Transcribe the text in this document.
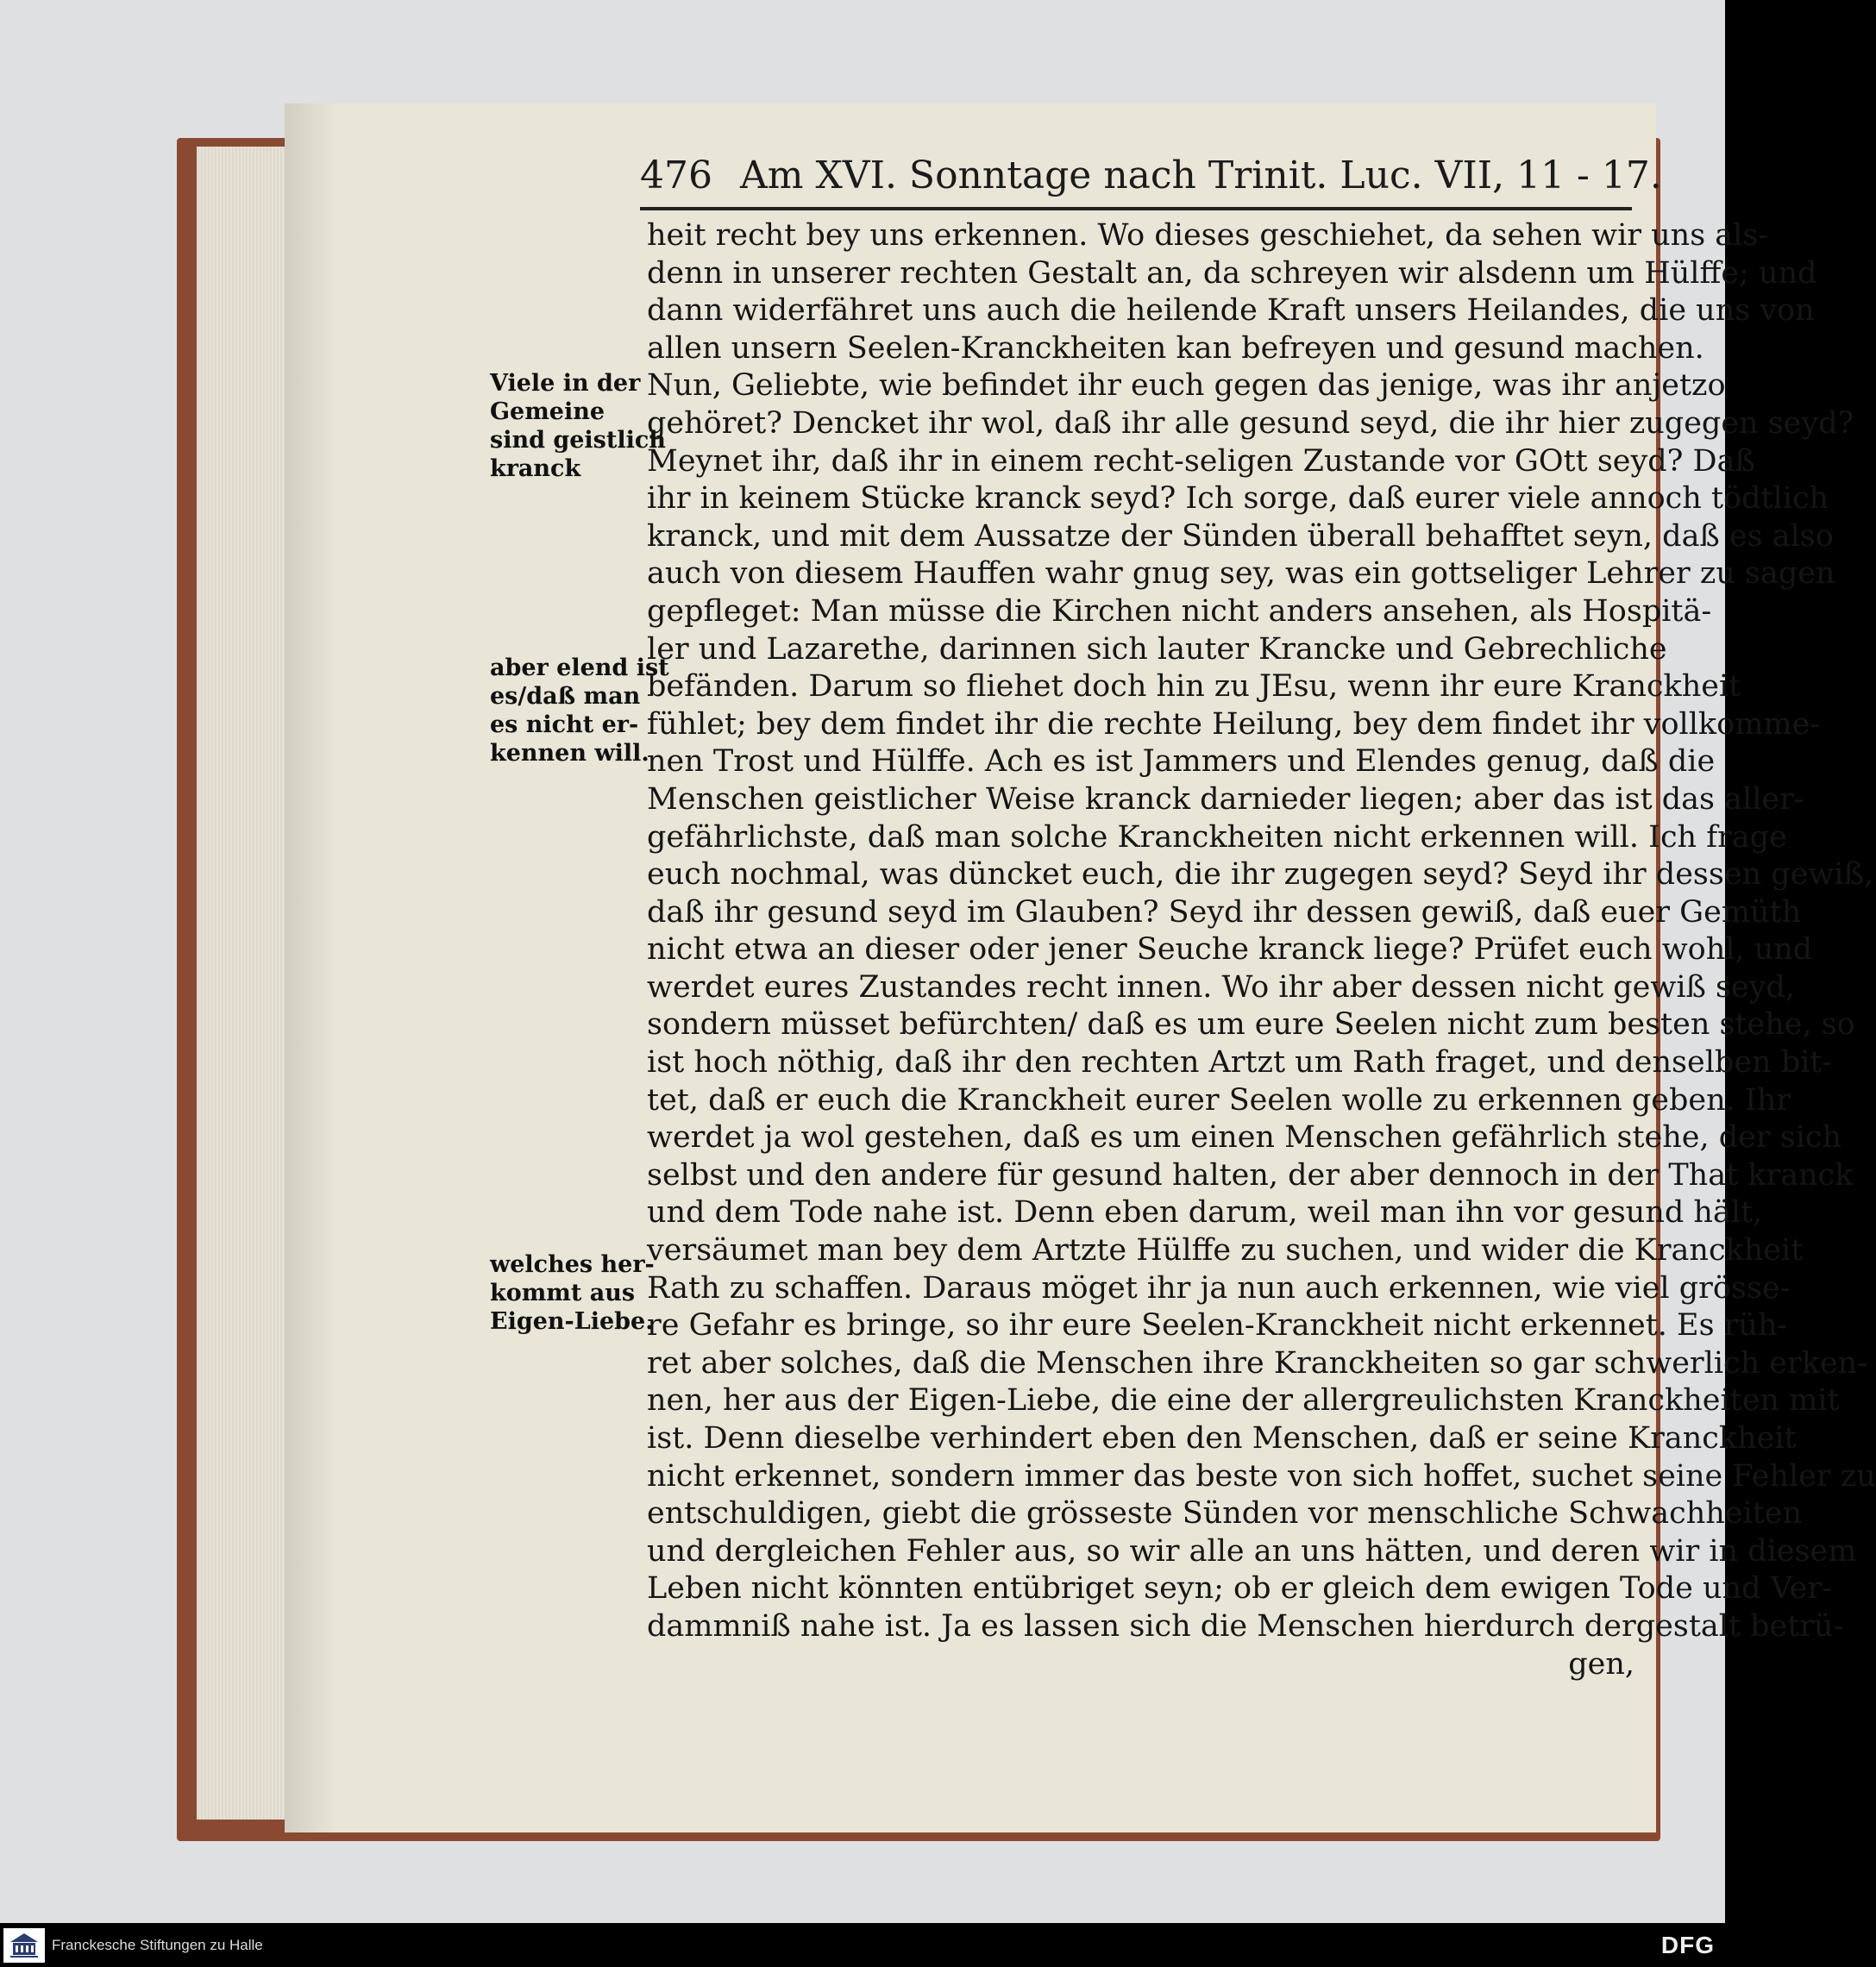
476 Am XVI. Sonntage nach Trinit. Luc. VII, 11 - 17.
Viele in der
Gemeine
sind geistlich
kranck
aber elend ist
es/daß man
es nicht er-
kennen will.
welches her-
kommt aus
Eigen-Liebe.
heit recht bey uns erkennen. Wo dieses geschiehet, da sehen wir uns als-
denn in unserer rechten Gestalt an, da schreyen wir alsdenn um Hülffe; und
dann widerfähret uns auch die heilende Kraft unsers Heilandes, die uns von
allen unsern Seelen-Kranckheiten kan befreyen und gesund machen.
Nun, Geliebte, wie befindet ihr euch gegen das jenige, was ihr anjetzo
gehöret? Dencket ihr wol, daß ihr alle gesund seyd, die ihr hier zugegen seyd?
Meynet ihr, daß ihr in einem recht-seligen Zustande vor GOtt seyd? Daß
ihr in keinem Stücke kranck seyd? Ich sorge, daß eurer viele annoch tödtlich
kranck, und mit dem Aussatze der Sünden überall behafftet seyn, daß es also
auch von diesem Hauffen wahr gnug sey, was ein gottseliger Lehrer zu sagen
gepfleget: Man müsse die Kirchen nicht anders ansehen, als Hospitä-
ler und Lazarethe, darinnen sich lauter Krancke und Gebrechliche
befänden. Darum so fliehet doch hin zu JEsu, wenn ihr eure Kranckheit
fühlet; bey dem findet ihr die rechte Heilung, bey dem findet ihr vollkomme-
nen Trost und Hülffe. Ach es ist Jammers und Elendes genug, daß die
Menschen geistlicher Weise kranck darnieder liegen; aber das ist das aller-
gefährlichste, daß man solche Kranckheiten nicht erkennen will. Ich frage
euch nochmal, was düncket euch, die ihr zugegen seyd? Seyd ihr dessen gewiß,
daß ihr gesund seyd im Glauben? Seyd ihr dessen gewiß, daß euer Gemüth
nicht etwa an dieser oder jener Seuche kranck liege? Prüfet euch wohl, und
werdet eures Zustandes recht innen. Wo ihr aber dessen nicht gewiß seyd,
sondern müsset befürchten/ daß es um eure Seelen nicht zum besten stehe, so
ist hoch nöthig, daß ihr den rechten Artzt um Rath fraget, und denselben bit-
tet, daß er euch die Kranckheit eurer Seelen wolle zu erkennen geben. Ihr
werdet ja wol gestehen, daß es um einen Menschen gefährlich stehe, der sich
selbst und den andere für gesund halten, der aber dennoch in der That kranck
und dem Tode nahe ist. Denn eben darum, weil man ihn vor gesund hält,
versäumet man bey dem Artzte Hülffe zu suchen, und wider die Kranckheit
Rath zu schaffen. Daraus möget ihr ja nun auch erkennen, wie viel grösse-
re Gefahr es bringe, so ihr eure Seelen-Kranckheit nicht erkennet. Es rüh-
ret aber solches, daß die Menschen ihre Kranckheiten so gar schwerlich erken-
nen, her aus der Eigen-Liebe, die eine der allergreulichsten Kranckheiten mit
ist. Denn dieselbe verhindert eben den Menschen, daß er seine Kranckheit
nicht erkennet, sondern immer das beste von sich hoffet, suchet seine Fehler zu
entschuldigen, giebt die grösseste Sünden vor menschliche Schwachheiten
und dergleichen Fehler aus, so wir alle an uns hätten, und deren wir in diesem
Leben nicht könnten entübriget seyn; ob er gleich dem ewigen Tode und Ver-
dammniß nahe ist. Ja es lassen sich die Menschen hierdurch dergestalt betrü-
gen,
Franckesche Stiftungen zu Halle	DFG
